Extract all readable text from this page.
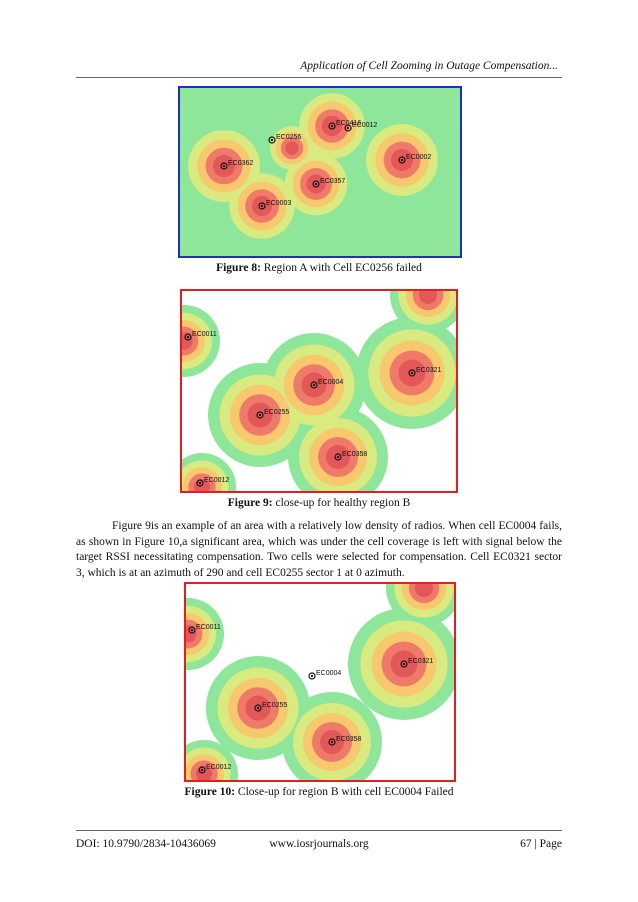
Application of Cell Zooming in Outage Compensation...
EC0256
EC0416
EC0012
EC0362
EC0002
EC0357
EC0003
Figure 8: Region A with Cell EC0256 failed
EC0011
EC0004
EC0321
EC0255
EC0358
EC0012
Figure 9: close-up for healthy region B
Figure 9is an example of an area with a relatively low density of radios. When cell EC0004 fails, as shown in Figure 10,a significant area, which was under the cell coverage is left with signal below the target RSSI necessitating compensation. Two cells were selected for compensation. Cell EC0321 sector 3, which is at an azimuth of 290 and cell EC0255 sector 1 at 0 azimuth.
EC0011
EC0004
EC0321
EC0255
EC0358
EC0012
Figure 10: Close-up for region B with cell EC0004 Failed
DOI: 10.9790/2834-10436069	www.iosrjournals.org	67 | Page
